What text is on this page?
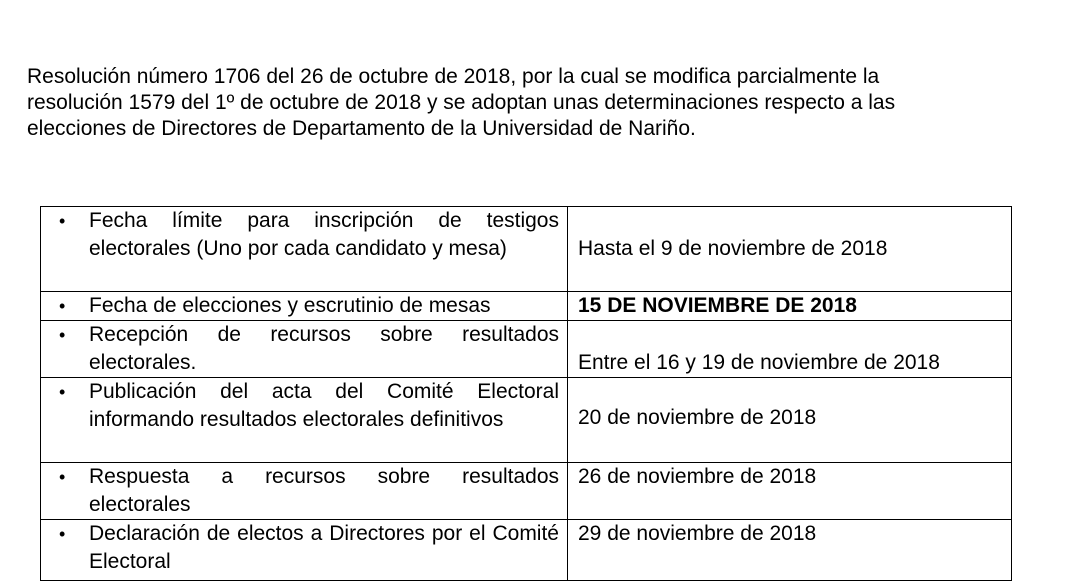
Resolución número 1706 del 26 de octubre de 2018, por la cual se modifica parcialmente la
resolución 1579 del 1º de octubre de 2018 y se adoptan unas determinaciones respecto a las
elecciones de Directores de Departamento de la Universidad de Nariño.

• Fecha límite para inscripción de testigos electorales (Uno por cada candidato y mesa)	Hasta el 9 de noviembre de 2018

• Fecha de elecciones y escrutinio de mesas	15 DE NOVIEMBRE DE 2018

• Recepción de recursos sobre resultados electorales.	Entre el 16 y 19 de noviembre de 2018

• Publicación del acta del Comité Electoral informando resultados electorales definitivos	20 de noviembre de 2018

• Respuesta a recursos sobre resultados electorales	26 de noviembre de 2018

• Declaración de electos a Directores por el Comité Electoral	29 de noviembre de 2018
